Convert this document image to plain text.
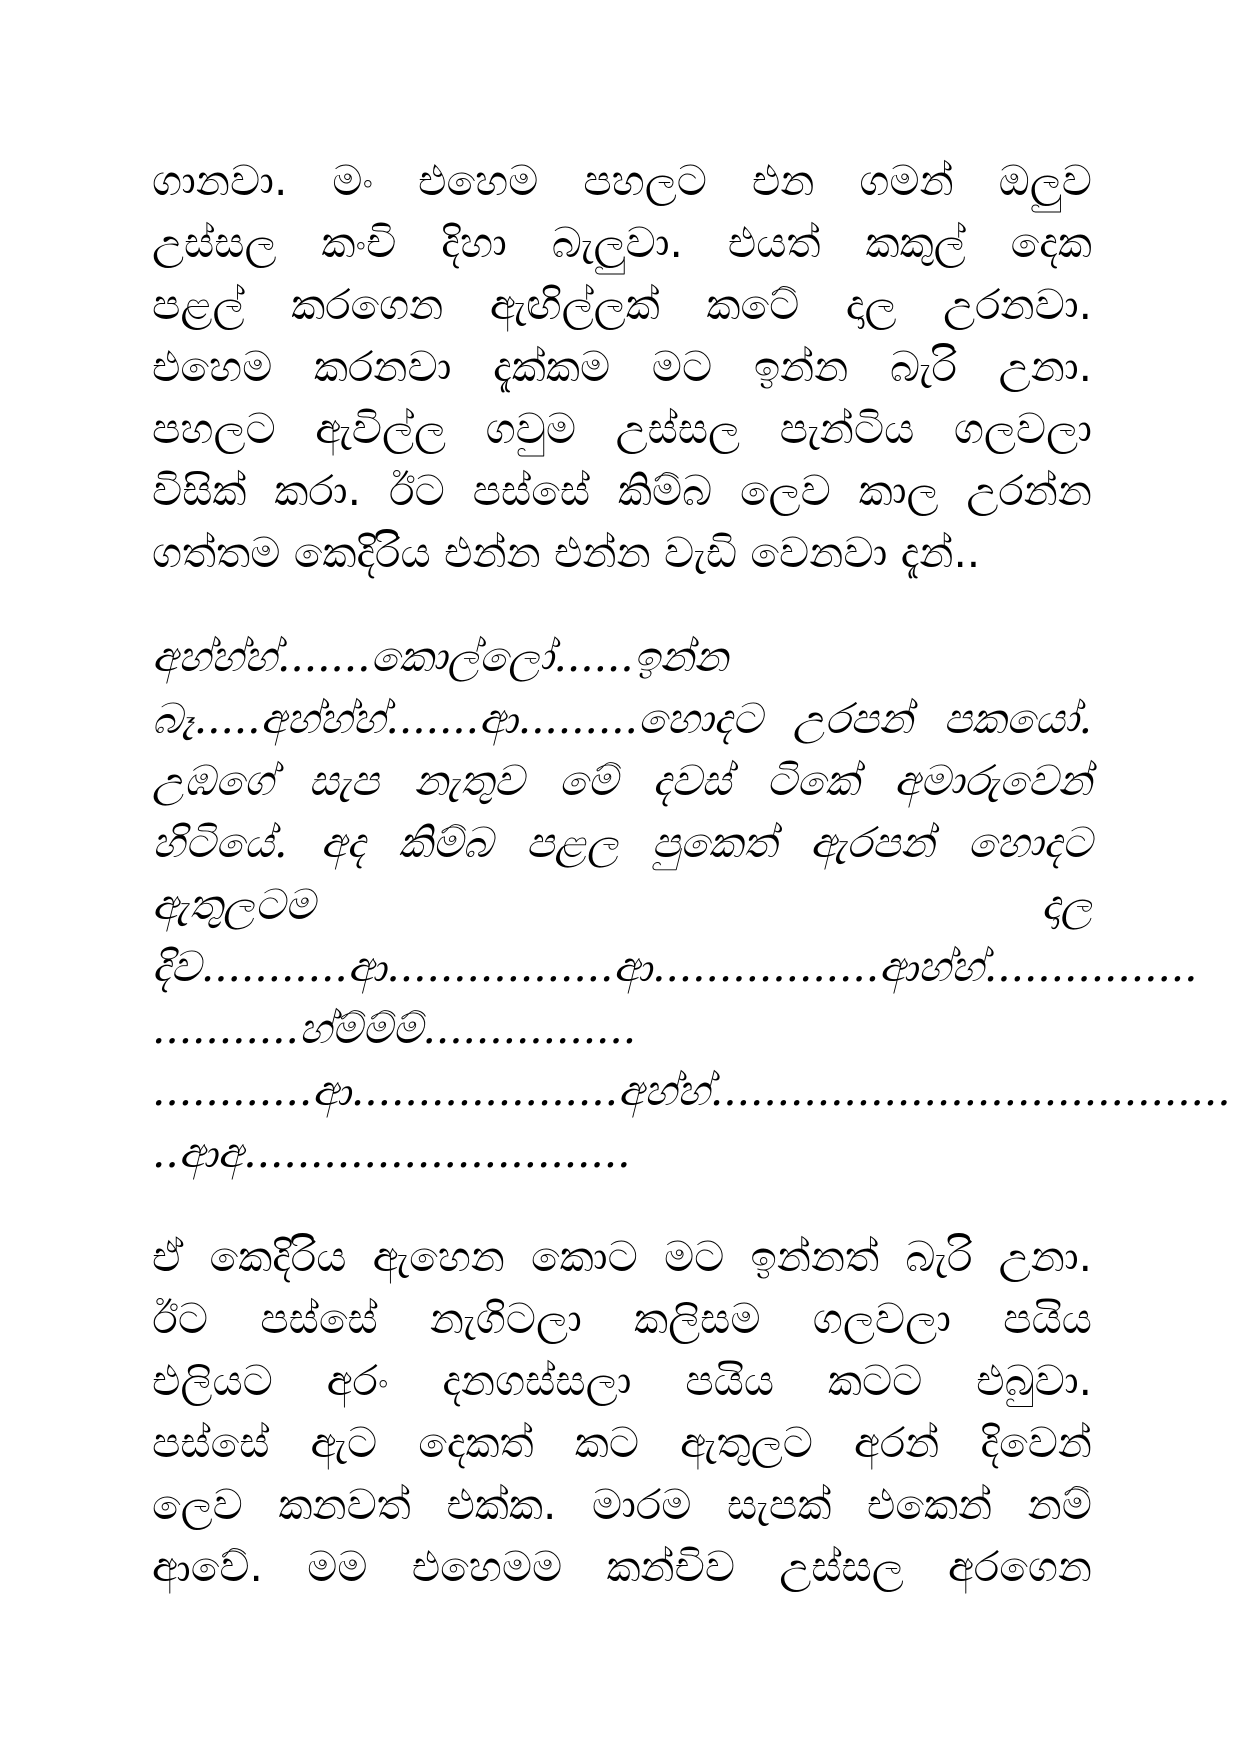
ගානවා. මං එහෙම පහලට එන ගමන් ඔලුව
උස්සල කංචි දිහා බැලුවා. එයත් කකුල් දෙක
පළල් කරගෙන ඇඟිල්ලක් කටේ දාල උරනවා.
එහෙම කරනවා දැක්කම මට ඉන්න බැරි උනා.
පහලට ඇවිල්ල ගවුම උස්සල පැන්ටිය ගලවලා
විසික් කරා. ඊට පස්සේ කිම්බ ලෙව කාල උරන්න
ගත්තම කෙදිරිය එන්න එන්න වැඩි වෙනවා දැන්..
අහ්හ්හ්.......කොල්ලෝ......ඉන්න
බෑ.....අහ්හ්හ්.......ආ.........හොදට උරපන් පකයෝ.
උඹගේ සැප නැතුව මේ දවස් ටිකේ අමාරුවෙන්
හිටියේ. අද කිම්බ පළල පුකෙත් ඇරපන් හොදට
ඇතුලටම                                   දාල
දිව...........ආ.................ආ.................ආහ්හ්................
...........හ්ම්ම්ම්................
............ආ....................අහ්හ්.......................................
..ආඅ.............................
ඒ කෙදිරිය ඇහෙන කොට මට ඉන්නත් බැරි උනා.
ඊට පස්සේ නැගිටලා කලිසම ගලවලා පයිය
එලියට අරං දනගස්සලා පයිය කටට එබුවා.
පස්සේ ඇට දෙකත් කට ඇතුලට අරන් දිවෙන්
ලෙව කනවත් එක්ක. මාරම සැපක් එකෙන් නම්
ආවේ. මම එහෙමම කන්චිව උස්සල අරගෙන
